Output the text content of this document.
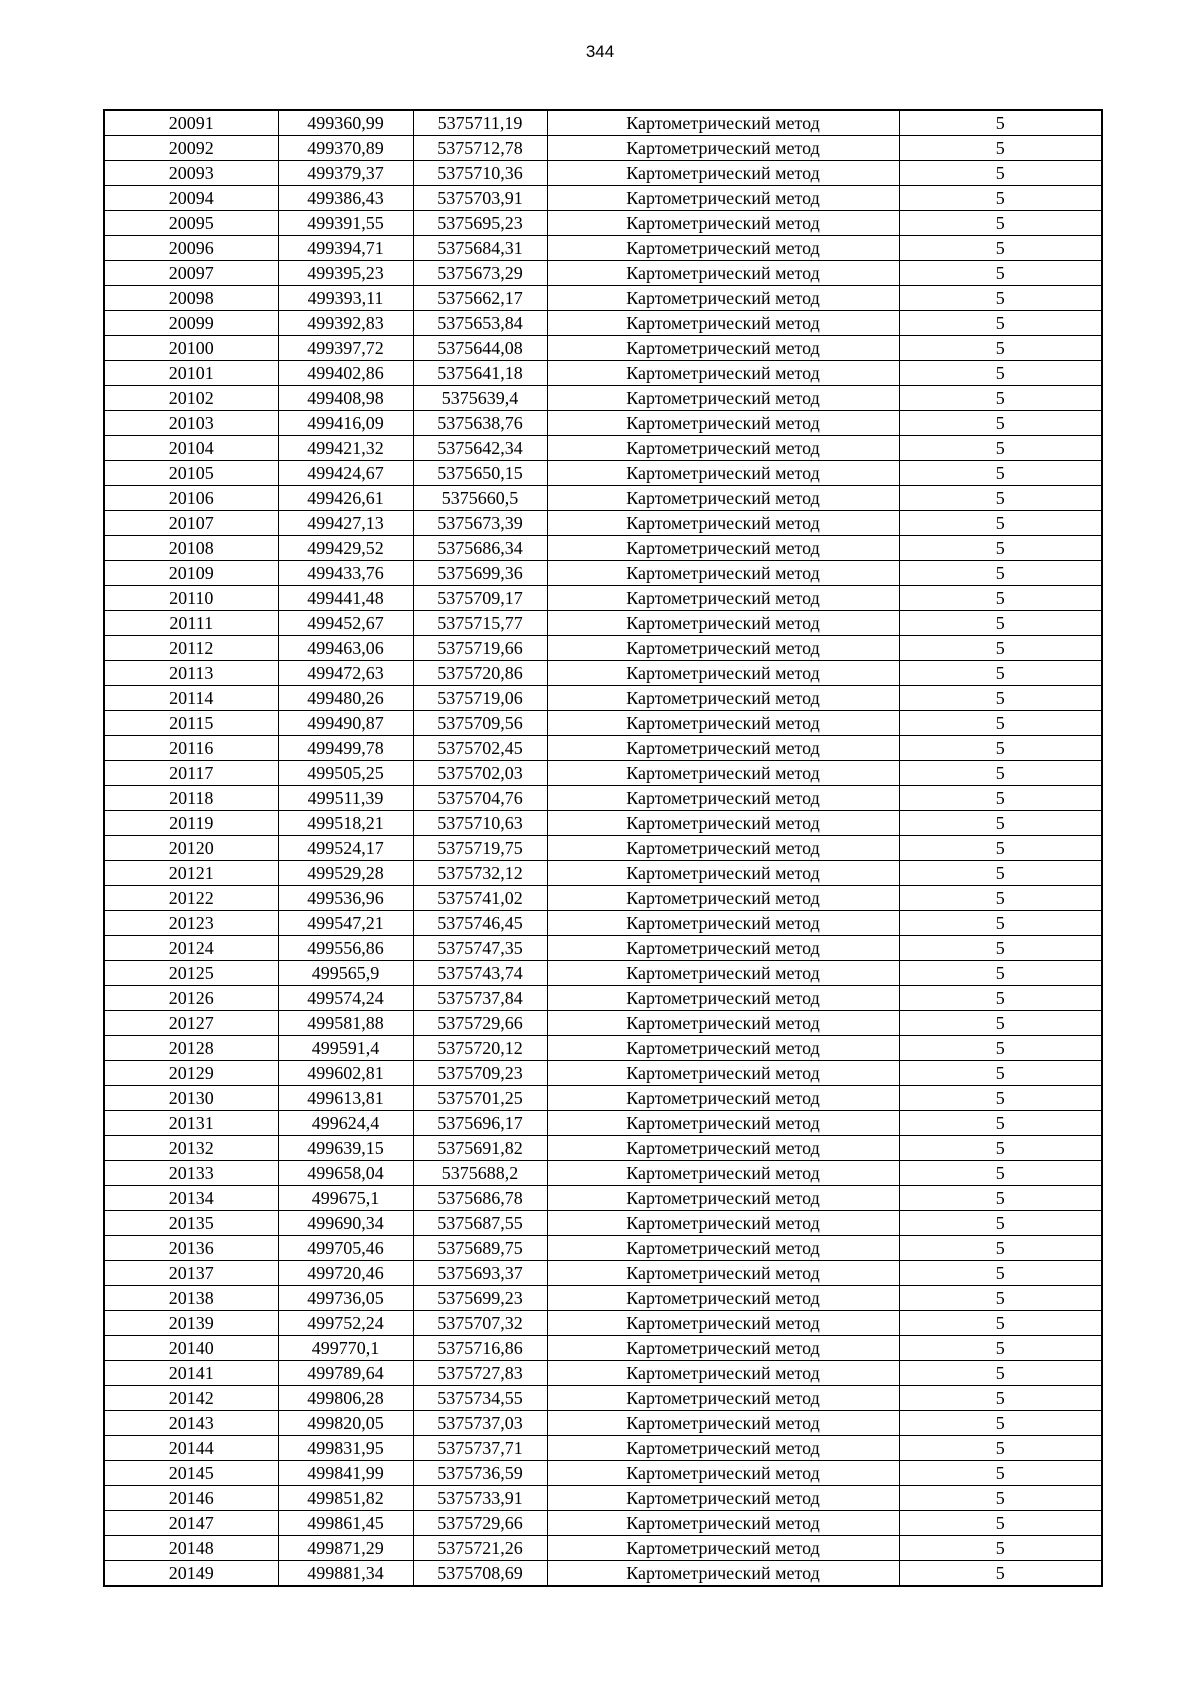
344
20091	499360,99	5375711,19	Картометрический метод	5
20092	499370,89	5375712,78	Картометрический метод	5
20093	499379,37	5375710,36	Картометрический метод	5
20094	499386,43	5375703,91	Картометрический метод	5
20095	499391,55	5375695,23	Картометрический метод	5
20096	499394,71	5375684,31	Картометрический метод	5
20097	499395,23	5375673,29	Картометрический метод	5
20098	499393,11	5375662,17	Картометрический метод	5
20099	499392,83	5375653,84	Картометрический метод	5
20100	499397,72	5375644,08	Картометрический метод	5
20101	499402,86	5375641,18	Картометрический метод	5
20102	499408,98	5375639,4	Картометрический метод	5
20103	499416,09	5375638,76	Картометрический метод	5
20104	499421,32	5375642,34	Картометрический метод	5
20105	499424,67	5375650,15	Картометрический метод	5
20106	499426,61	5375660,5	Картометрический метод	5
20107	499427,13	5375673,39	Картометрический метод	5
20108	499429,52	5375686,34	Картометрический метод	5
20109	499433,76	5375699,36	Картометрический метод	5
20110	499441,48	5375709,17	Картометрический метод	5
20111	499452,67	5375715,77	Картометрический метод	5
20112	499463,06	5375719,66	Картометрический метод	5
20113	499472,63	5375720,86	Картометрический метод	5
20114	499480,26	5375719,06	Картометрический метод	5
20115	499490,87	5375709,56	Картометрический метод	5
20116	499499,78	5375702,45	Картометрический метод	5
20117	499505,25	5375702,03	Картометрический метод	5
20118	499511,39	5375704,76	Картометрический метод	5
20119	499518,21	5375710,63	Картометрический метод	5
20120	499524,17	5375719,75	Картометрический метод	5
20121	499529,28	5375732,12	Картометрический метод	5
20122	499536,96	5375741,02	Картометрический метод	5
20123	499547,21	5375746,45	Картометрический метод	5
20124	499556,86	5375747,35	Картометрический метод	5
20125	499565,9	5375743,74	Картометрический метод	5
20126	499574,24	5375737,84	Картометрический метод	5
20127	499581,88	5375729,66	Картометрический метод	5
20128	499591,4	5375720,12	Картометрический метод	5
20129	499602,81	5375709,23	Картометрический метод	5
20130	499613,81	5375701,25	Картометрический метод	5
20131	499624,4	5375696,17	Картометрический метод	5
20132	499639,15	5375691,82	Картометрический метод	5
20133	499658,04	5375688,2	Картометрический метод	5
20134	499675,1	5375686,78	Картометрический метод	5
20135	499690,34	5375687,55	Картометрический метод	5
20136	499705,46	5375689,75	Картометрический метод	5
20137	499720,46	5375693,37	Картометрический метод	5
20138	499736,05	5375699,23	Картометрический метод	5
20139	499752,24	5375707,32	Картометрический метод	5
20140	499770,1	5375716,86	Картометрический метод	5
20141	499789,64	5375727,83	Картометрический метод	5
20142	499806,28	5375734,55	Картометрический метод	5
20143	499820,05	5375737,03	Картометрический метод	5
20144	499831,95	5375737,71	Картометрический метод	5
20145	499841,99	5375736,59	Картометрический метод	5
20146	499851,82	5375733,91	Картометрический метод	5
20147	499861,45	5375729,66	Картометрический метод	5
20148	499871,29	5375721,26	Картометрический метод	5
20149	499881,34	5375708,69	Картометрический метод	5
